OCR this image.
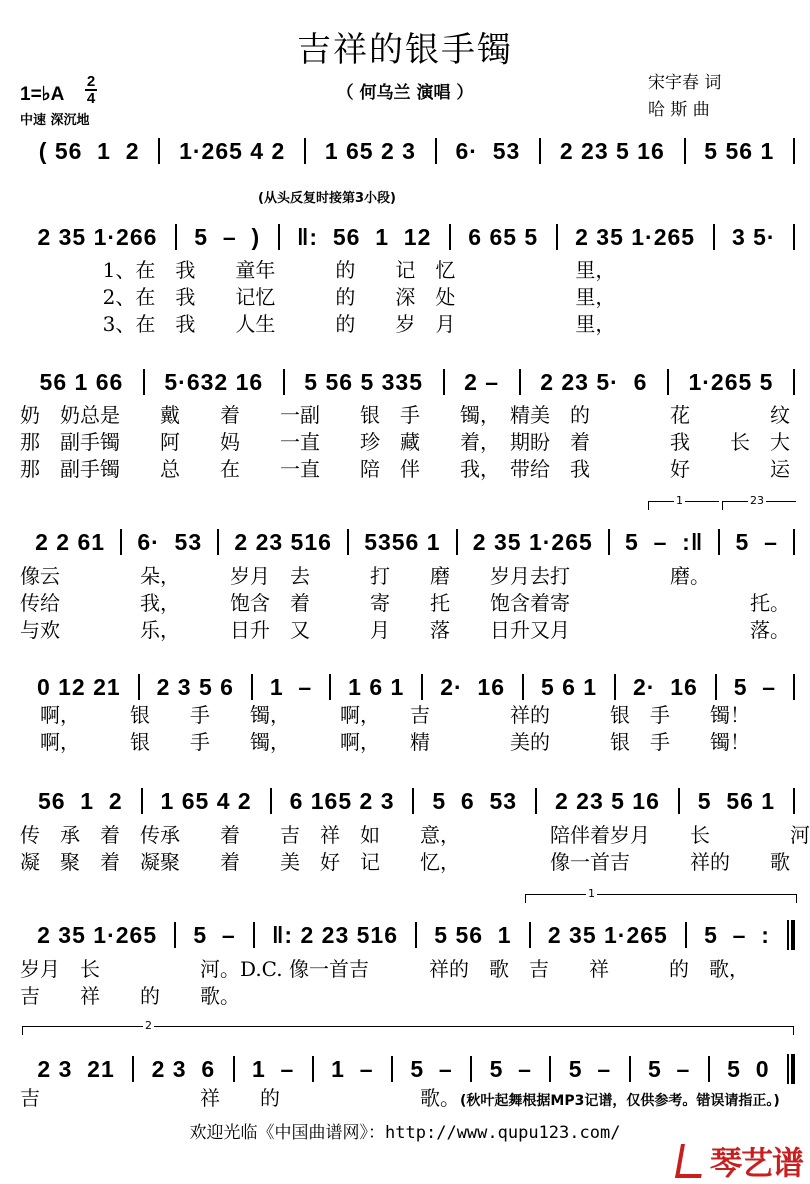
吉祥的银手镯
（ 何乌兰 演唱 ）	宋宇春 词
哈 斯 曲
1=♭A
2
4
中速 深沉地
(从头反复时接第3小段)
( 56  1  2	1·265 4 2	1 65 2 3	6·  53	2 23 5 16	5 56 1
2 35 1·266	5  –  )	‖:  56  1  12	6 65 5	2 35 1·265	3 5·
1、在　我　　童年　　　的　　记　忆　　　　　　里，
2、在　我　　记忆　　　的　　深　处　　　　　　里，
3、在　我　　人生　　　的　　岁　月　　　　　　里，
56 1 66	5·632 16	5 56 5 335	2 –	2 23 5·  6	1·265 5
奶　奶总是　　戴　　着　　一副　　银　手　　镯，　精美　的　　　　花　　　　纹
那　副手镯　　阿　　妈　　一直　　珍　藏　　着，　期盼　着　　　　我　　长　大
那　副手镯　　总　　在　　一直　　陪　伴　　我，　带给　我　　　　好　　　　运
2 2 61	6·  53	2 23 516	5356 1	2 35 1·265	5  –  :‖	5  –
像云　　　　朵，　　　岁月　去　　　打　　磨　　岁月去打　　　　　磨。
传给　　　　我，　　　饱含　着　　　寄　　托　　饱含着寄　　　　　　　　　托。
与欢　　　　乐，　　　日升　又　　　月　　落　　日升又月　　　　　　　　　落。
1	23
0 12 21	2 3 5 6	1  –	1 6 1	2·  16	5 6 1	2·  16	5  –
　啊，　　　银　　手　　镯，　　　啊，　　吉　　　　祥的　　　银　手　　镯！
　啊，　　　银　　手　　镯，　　　啊，　　精　　　　美的　　　银　手　　镯！
56  1  2	1 65 4 2	6 165 2 3	5  6  53	2 23 5 16	5  56 1
传　承　着　传承　　着　　吉　祥　如　　意，　　　　　陪伴着岁月　　长　　　　河
凝　聚　着　凝聚　　着　　美　好　记　　忆，　　　　　像一首吉　　　祥的　　歌
2 35 1·265	5  –	‖: 2 23 516	5 56  1	2 35 1·265	5  –  :
岁月　长　　　　　河。D.C. 像一首吉　　　祥的　歌　吉　　祥　　　的　歌，
吉　　祥　　的　　歌。
1
2 3  21	2 3  6	1  –	1  –	5  –	5  –	5  –	5  –	5  0
吉　　　　　　　　祥　　的　　　　　　　歌。(秋叶起舞根据MP3记谱，仅供参考。错误请指正。)
2
欢迎光临《中国曲谱网》：http://www.qupu123.com/
琴艺谱
